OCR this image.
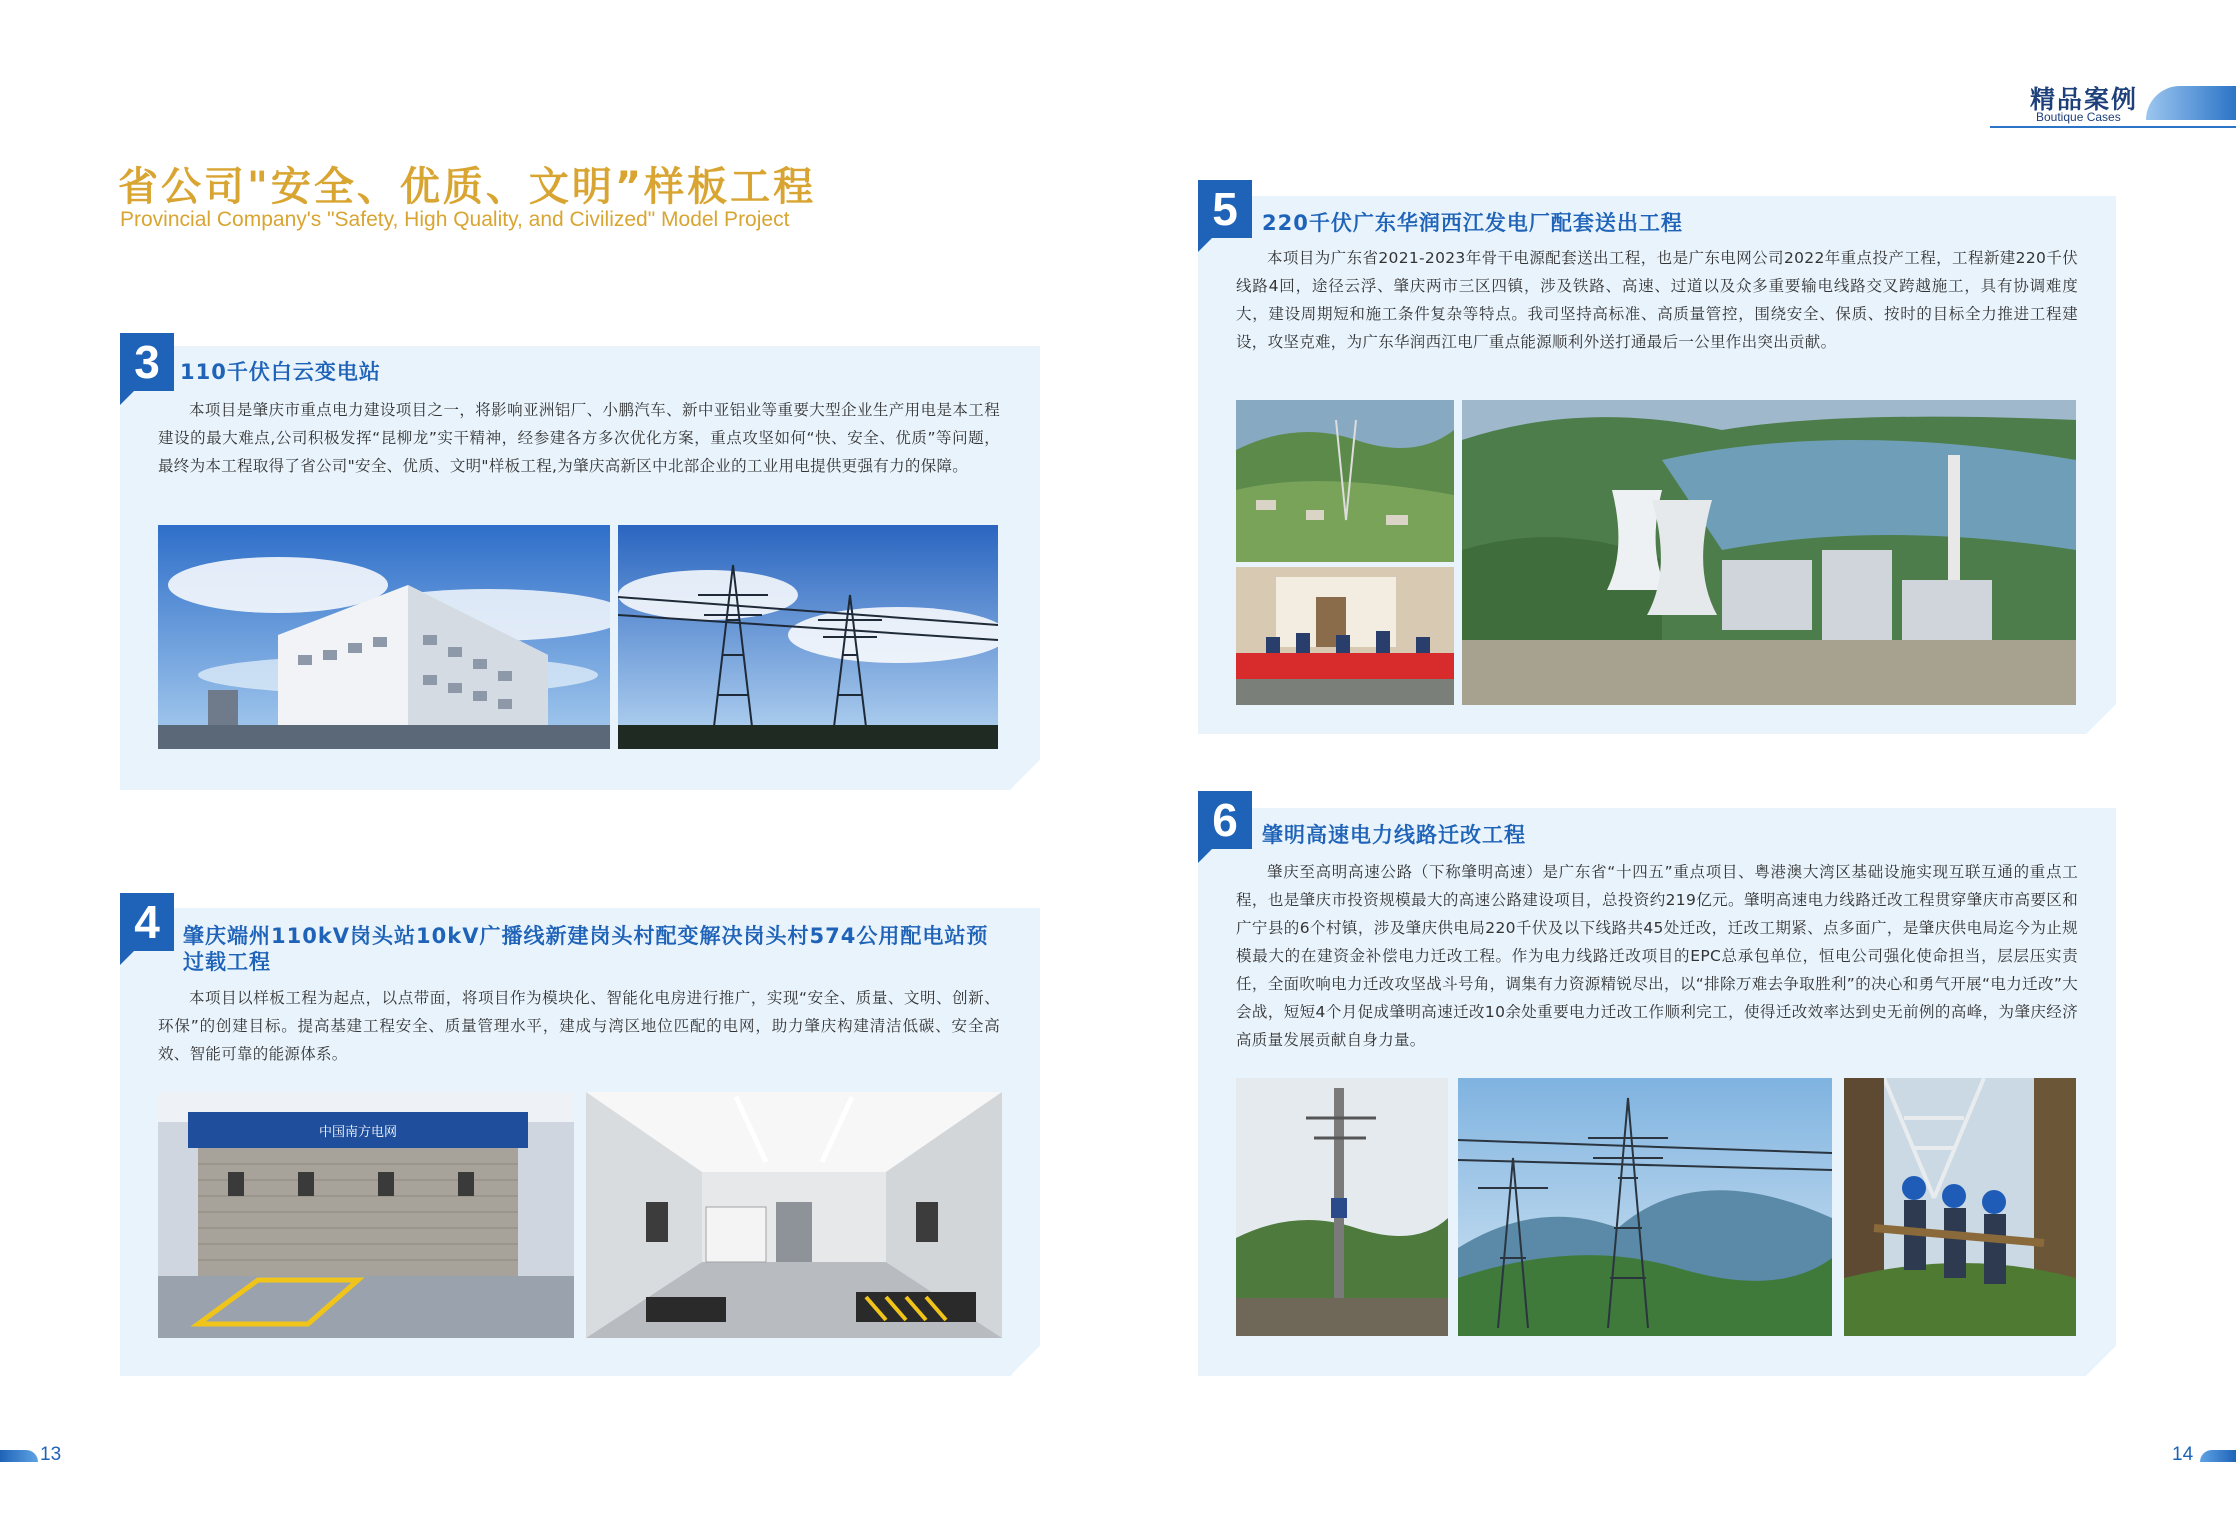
精品案例
Boutique Cases
省公司"安全、优质、文明”样板工程
Provincial Company's "Safety, High Quality, and Civilized" Model Project
3 110千伏白云变电站
本项目是肇庆市重点电力建设项目之一，将影响亚洲铝厂、小鹏汽车、新中亚铝业等重要大型企业生产用电是本工程建设的最大难点,公司积极发挥“昆柳龙”实干精神，经参建各方多次优化方案，重点攻坚如何“快、安全、优质”等问题，最终为本工程取得了省公司"安全、优质、文明"样板工程,为肇庆高新区中北部企业的工业用电提供更强有力的保障。
4	肇庆端州110kV岗头站10kV广播线新建岗头村配变解决岗头村574公用配电站预过载工程
本项目以样板工程为起点，以点带面，将项目作为模块化、智能化电房进行推广，实现“安全、质量、文明、创新、环保”的创建目标。提高基建工程安全、质量管理水平，建成与湾区地位匹配的电网，助力肇庆构建清洁低碳、安全高效、智能可靠的能源体系。
中国南方电网
5	220千伏广东华润西江发电厂配套送出工程
本项目为广东省2021-2023年骨干电源配套送出工程，也是广东电网公司2022年重点投产工程，工程新建220千伏线路4回，途径云浮、肇庆两市三区四镇，涉及铁路、高速、过道以及众多重要输电线路交叉跨越施工，具有协调难度大，建设周期短和施工条件复杂等特点。我司坚持高标准、高质量管控，围绕安全、保质、按时的目标全力推进工程建设，攻坚克难，为广东华润西江电厂重点能源顺利外送打通最后一公里作出突出贡献。
6	肇明高速电力线路迁改工程
肇庆至高明高速公路（下称肇明高速）是广东省“十四五”重点项目、粤港澳大湾区基础设施实现互联互通的重点工程，也是肇庆市投资规模最大的高速公路建设项目，总投资约219亿元。肇明高速电力线路迁改工程贯穿肇庆市高要区和广宁县的6个村镇，涉及肇庆供电局220千伏及以下线路共45处迁改，迁改工期紧、点多面广，是肇庆供电局迄今为止规模最大的在建资金补偿电力迁改工程。作为电力线路迁改项目的EPC总承包单位，恒电公司强化使命担当，层层压实责任，全面吹响电力迁改攻坚战斗号角，调集有力资源精锐尽出，以“排除万难去争取胜利”的决心和勇气开展“电力迁改”大会战，短短4个月促成肇明高速迁改10余处重要电力迁改工作顺利完工，使得迁改效率达到史无前例的高峰，为肇庆经济高质量发展贡献自身力量。
13	14
